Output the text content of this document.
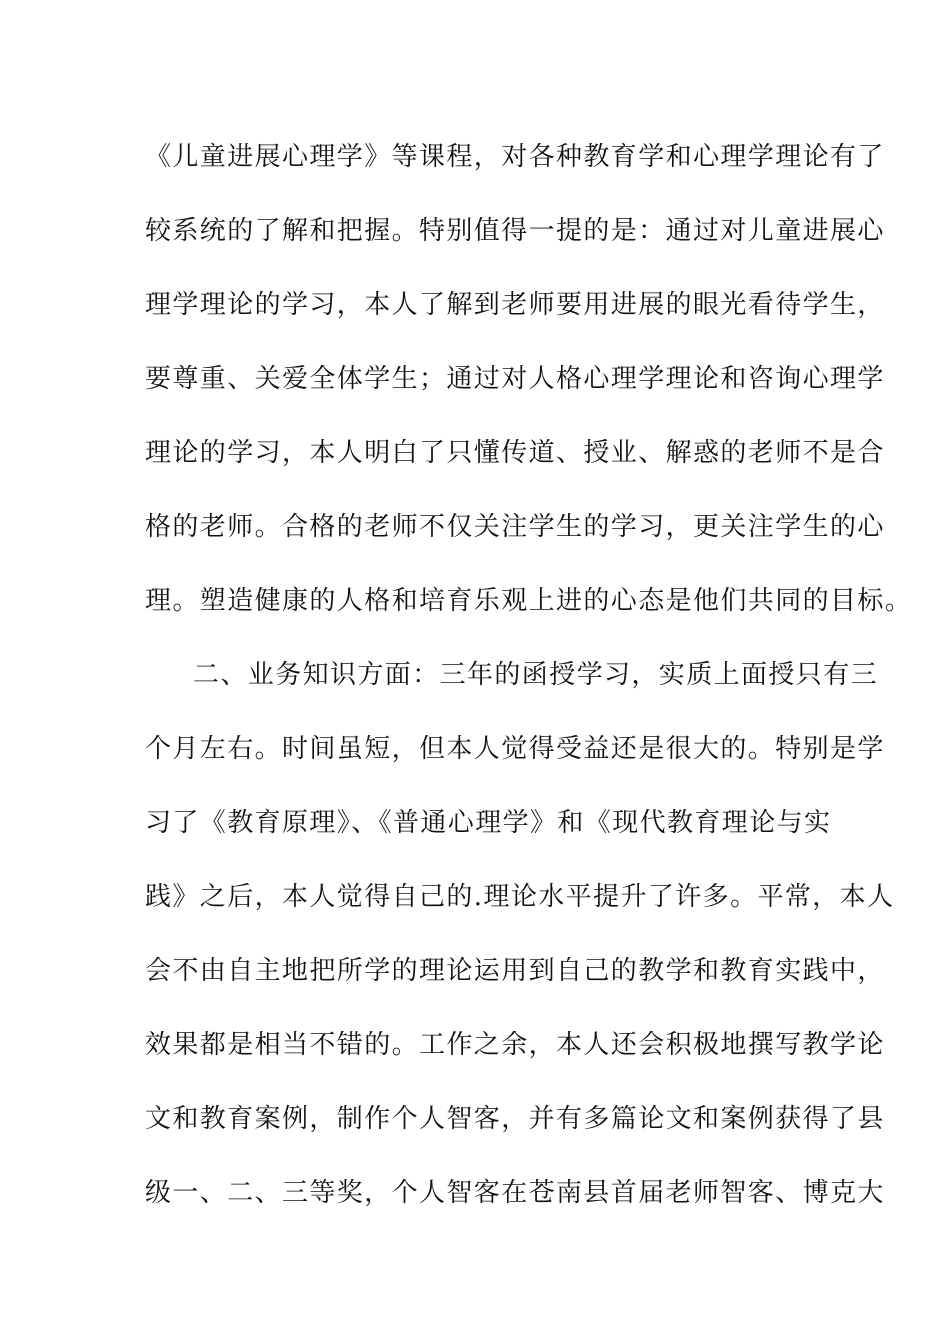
《儿童进展心理学》等课程，对各种教育学和心理学理论有了
较系统的了解和把握。特别值得一提的是：通过对儿童进展心
理学理论的学习，本人了解到老师要用进展的眼光看待学生，
要尊重、关爱全体学生；通过对人格心理学理论和咨询心理学
理论的学习，本人明白了只懂传道、授业、解惑的老师不是合
格的老师。合格的老师不仅关注学生的学习，更关注学生的心
理。塑造健康的人格和培育乐观上进的心态是他们共同的目标。
二、业务知识方面：三年的函授学习，实质上面授只有三
个月左右。时间虽短，但本人觉得受益还是很大的。特别是学
习了《教育原理》、《普通心理学》和《现代教育理论与实
践》之后，本人觉得自己的.理论水平提升了许多。平常，本人
会不由自主地把所学的理论运用到自己的教学和教育实践中，
效果都是相当不错的。工作之余，本人还会积极地撰写教学论
文和教育案例，制作个人智客，并有多篇论文和案例获得了县
级一、二、三等奖，个人智客在苍南县首届老师智客、博克大
